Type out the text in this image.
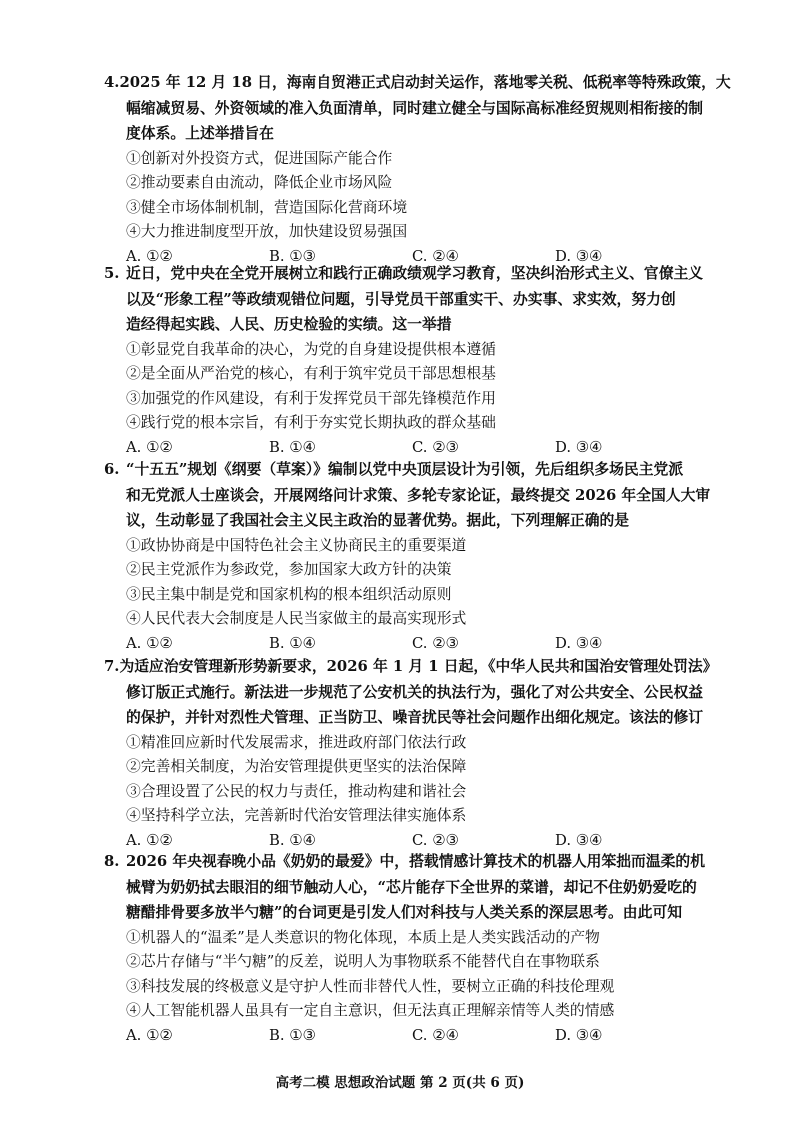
4. 2025 年 12 月 18 日，海南自贸港正式启动封关运作，落地零关税、低税率等特殊政策，大
幅缩减贸易、外资领域的准入负面清单，同时建立健全与国际高标准经贸规则相衔接的制
度体系。上述举措旨在
①创新对外投资方式，促进国际产能合作
②推动要素自由流动，降低企业市场风险
③健全市场体制机制，营造国际化营商环境
④大力推进制度型开放，加快建设贸易强国
A. ①②	B. ①③	C. ②④	D. ③④
5. 近日，党中央在全党开展树立和践行正确政绩观学习教育，坚决纠治形式主义、官僚主义
以及“形象工程”等政绩观错位问题，引导党员干部重实干、办实事、求实效，努力创
造经得起实践、人民、历史检验的实绩。这一举措
①彰显党自我革命的决心，为党的自身建设提供根本遵循
②是全面从严治党的核心，有利于筑牢党员干部思想根基
③加强党的作风建设，有利于发挥党员干部先锋模范作用
④践行党的根本宗旨，有利于夯实党长期执政的群众基础
A. ①②	B. ①④	C. ②③	D. ③④
6. “十五五”规划《纲要（草案）》编制以党中央顶层设计为引领，先后组织多场民主党派
和无党派人士座谈会，开展网络问计求策、多轮专家论证，最终提交 2026 年全国人大审
议，生动彰显了我国社会主义民主政治的显著优势。据此，下列理解正确的是
①政协协商是中国特色社会主义协商民主的重要渠道
②民主党派作为参政党，参加国家大政方针的决策
③民主集中制是党和国家机构的根本组织活动原则
④人民代表大会制度是人民当家做主的最高实现形式
A. ①②	B. ①④	C. ②③	D. ③④
7. 为适应治安管理新形势新要求，2026 年 1 月 1 日起，《中华人民共和国治安管理处罚法》
修订版正式施行。新法进一步规范了公安机关的执法行为，强化了对公共安全、公民权益
的保护，并针对烈性犬管理、正当防卫、噪音扰民等社会问题作出细化规定。该法的修订
①精准回应新时代发展需求，推进政府部门依法行政
②完善相关制度，为治安管理提供更坚实的法治保障
③合理设置了公民的权力与责任，推动构建和谐社会
④坚持科学立法，完善新时代治安管理法律实施体系
A. ①②	B. ①④	C. ②③	D. ③④
8. 2026 年央视春晚小品《奶奶的最爱》中，搭载情感计算技术的机器人用笨拙而温柔的机
械臂为奶奶拭去眼泪的细节触动人心，“芯片能存下全世界的菜谱，却记不住奶奶爱吃的
糖醋排骨要多放半勺糖”的台词更是引发人们对科技与人类关系的深层思考。由此可知
①机器人的“温柔”是人类意识的物化体现，本质上是人类实践活动的产物
②芯片存储与“半勺糖”的反差，说明人为事物联系不能替代自在事物联系
③科技发展的终极意义是守护人性而非替代人性，要树立正确的科技伦理观
④人工智能机器人虽具有一定自主意识，但无法真正理解亲情等人类的情感
A. ①②	B. ①③	C. ②④	D. ③④
高考二模 思想政治试题 第 2 页(共 6 页)
